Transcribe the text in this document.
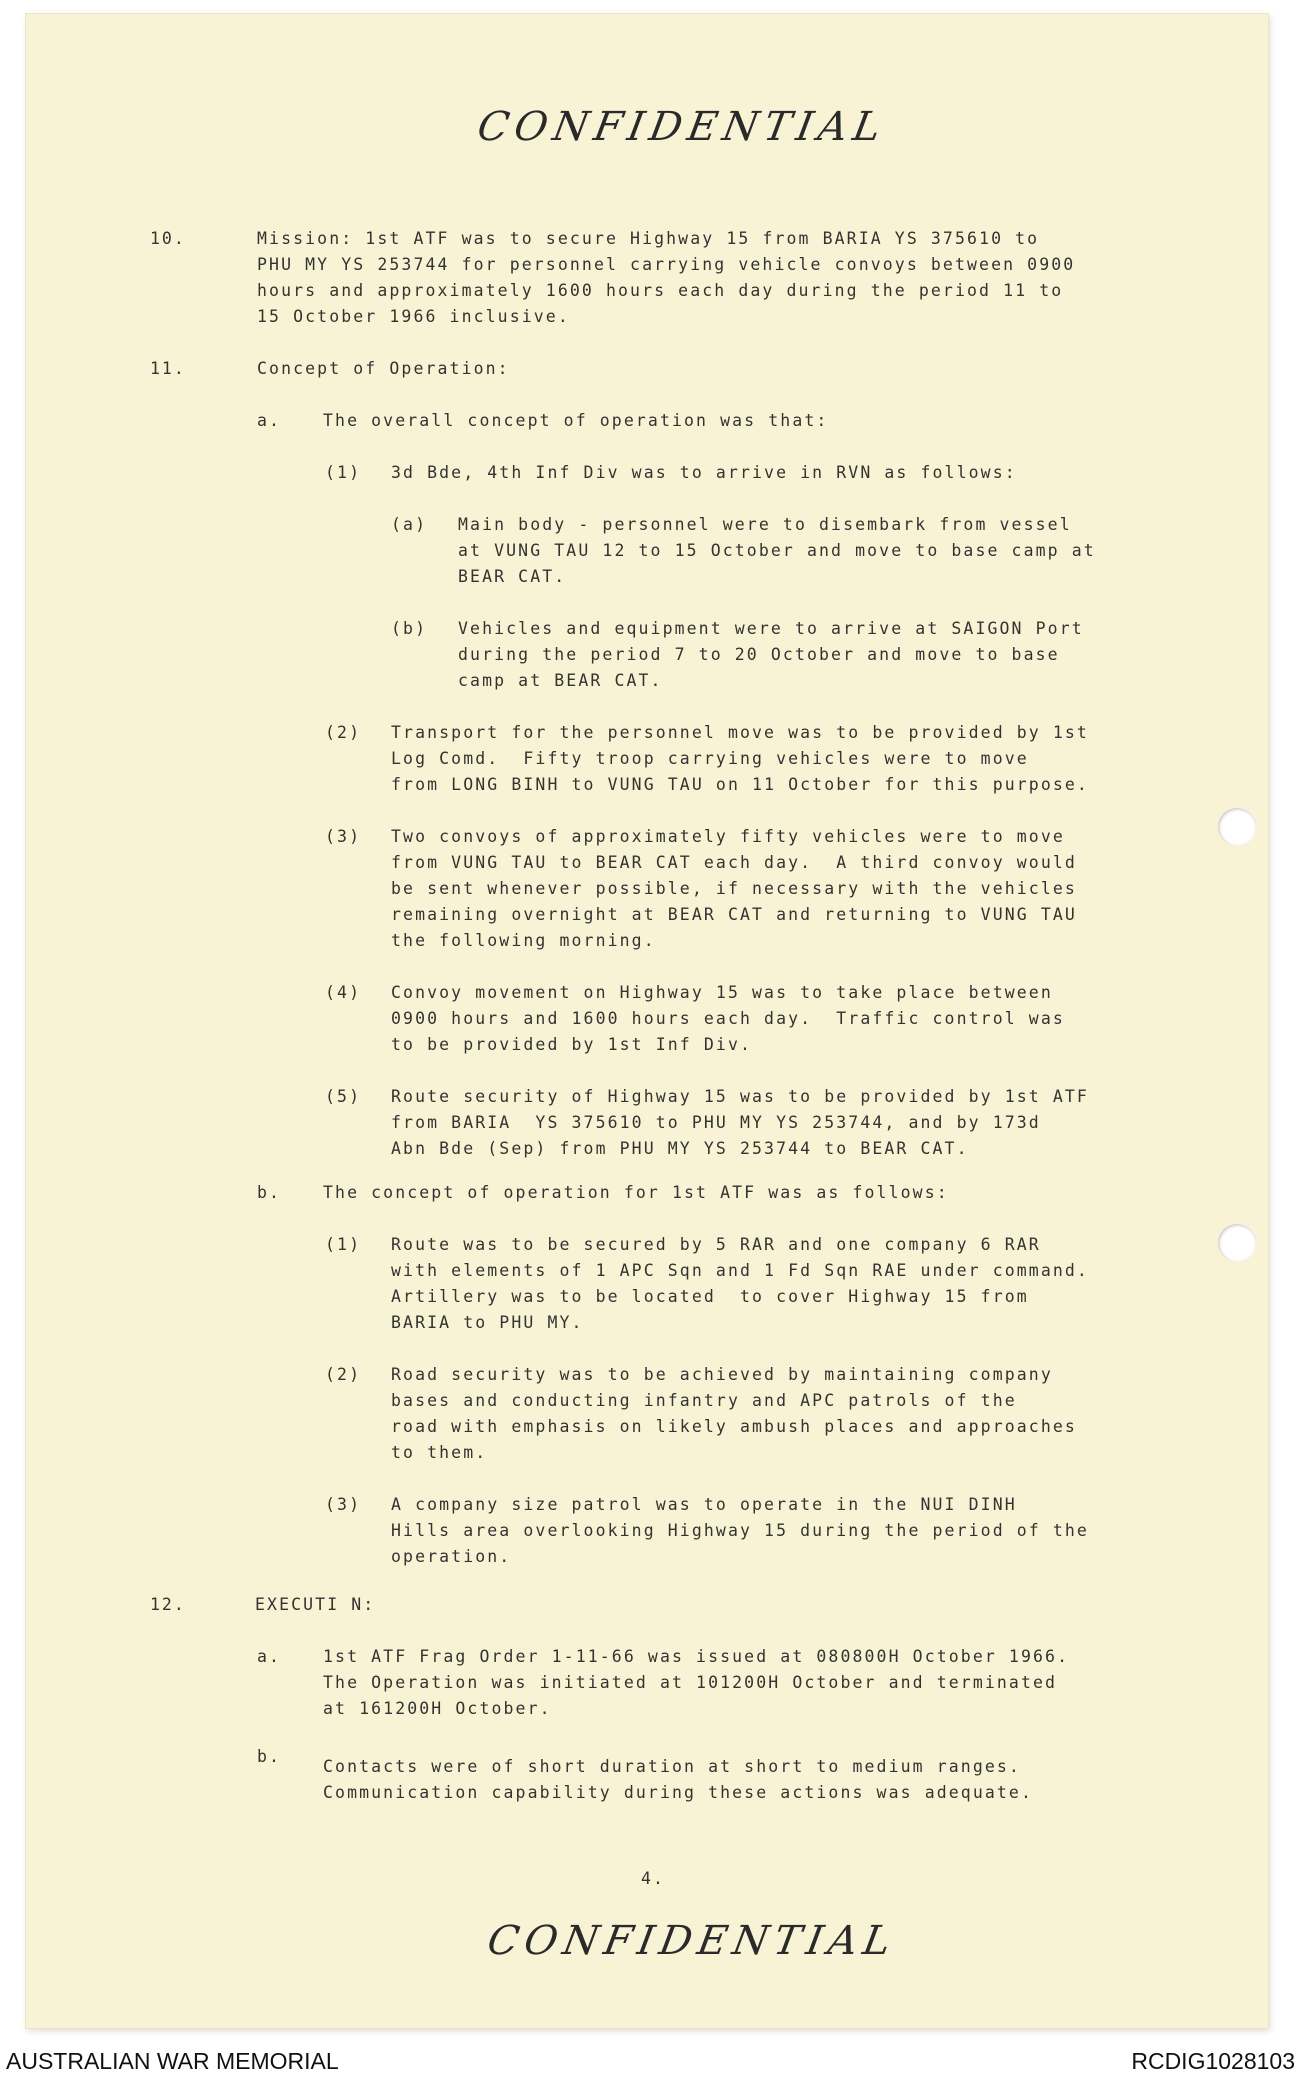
CONFIDENTIAL
10.	Mission: 1st ATF was to secure Highway 15 from BARIA YS 375610 to
PHU MY YS 253744 for personnel carrying vehicle convoys between 0900
hours and approximately 1600 hours each day during the period 11 to
15 October 1966 inclusive.
11.	Concept of Operation:
a.	The overall concept of operation was that:
(1) 3d Bde, 4th Inf Div was to arrive in RVN as follows:
(a) Main body - personnel were to disembark from vessel
at VUNG TAU 12 to 15 October and move to base camp at
BEAR CAT.
(b) Vehicles and equipment were to arrive at SAIGON Port
during the period 7 to 20 October and move to base
camp at BEAR CAT.
(2) Transport for the personnel move was to be provided by 1st
Log Comd.  Fifty troop carrying vehicles were to move
from LONG BINH to VUNG TAU on 11 October for this purpose.
(3) Two convoys of approximately fifty vehicles were to move
from VUNG TAU to BEAR CAT each day.  A third convoy would
be sent whenever possible, if necessary with the vehicles
remaining overnight at BEAR CAT and returning to VUNG TAU
the following morning.
(4) Convoy movement on Highway 15 was to take place between
0900 hours and 1600 hours each day.  Traffic control was
to be provided by 1st Inf Div.
(5) Route security of Highway 15 was to be provided by 1st ATF
from BARIA  YS 375610 to PHU MY YS 253744, and by 173d
Abn Bde (Sep) from PHU MY YS 253744 to BEAR CAT.
b.	The concept of operation for 1st ATF was as follows:
(1) Route was to be secured by 5 RAR and one company 6 RAR
with elements of 1 APC Sqn and 1 Fd Sqn RAE under command.
Artillery was to be located  to cover Highway 15 from
BARIA to PHU MY.
(2) Road security was to be achieved by maintaining company
bases and conducting infantry and APC patrols of the
road with emphasis on likely ambush places and approaches
to them.
(3) A company size patrol was to operate in the NUI DINH
Hills area overlooking Highway 15 during the period of the
operation.
12.	EXECUTI N:
a.	1st ATF Frag Order 1-11-66 was issued at 080800H October 1966.
The Operation was initiated at 101200H October and terminated
at 161200H October.
b.
Contacts were of short duration at short to medium ranges.
Communication capability during these actions was adequate.
4.
CONFIDENTIAL
AUSTRALIAN WAR MEMORIAL	RCDIG1028103
